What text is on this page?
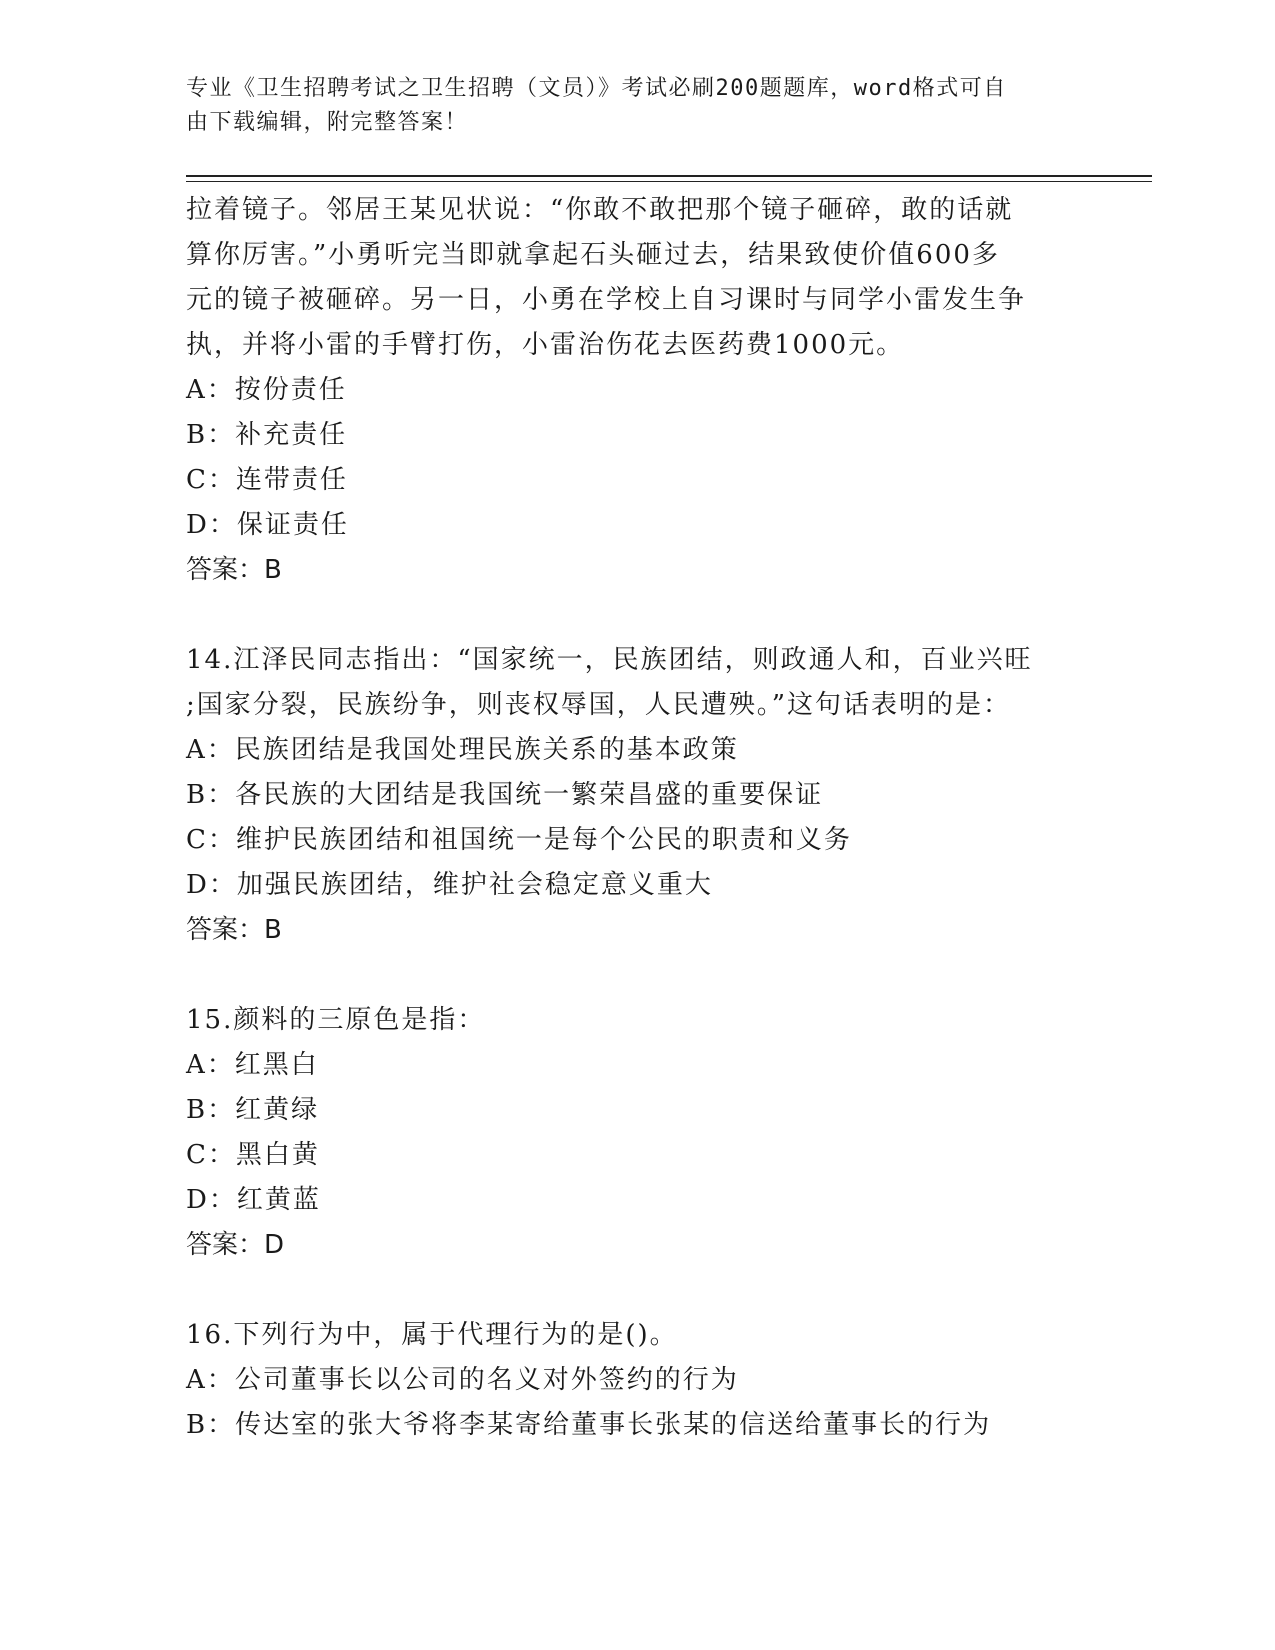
专业《卫生招聘考试之卫生招聘（文员）》考试必刷200题题库，word格式可自
由下载编辑，附完整答案！

拉着镜子。邻居王某见状说：“你敢不敢把那个镜子砸碎，敢的话就

算你厉害。”小勇听完当即就拿起石头砸过去，结果致使价值600多

元的镜子被砸碎。另一日，小勇在学校上自习课时与同学小雷发生争

执，并将小雷的手臂打伤，小雷治伤花去医药费1000元。

A：按份责任

B：补充责任

C：连带责任

D：保证责任

答案：B

14.江泽民同志指出：“国家统一，民族团结，则政通人和，百业兴旺

;国家分裂，民族纷争，则丧权辱国，人民遭殃。”这句话表明的是：

A：民族团结是我国处理民族关系的基本政策

B：各民族的大团结是我国统一繁荣昌盛的重要保证

C：维护民族团结和祖国统一是每个公民的职责和义务

D：加强民族团结，维护社会稳定意义重大

答案：B

15.颜料的三原色是指：

A：红黑白

B：红黄绿

C：黑白黄

D：红黄蓝

答案：D

16.下列行为中，属于代理行为的是()。

A：公司董事长以公司的名义对外签约的行为

B：传达室的张大爷将李某寄给董事长张某的信送给董事长的行为
